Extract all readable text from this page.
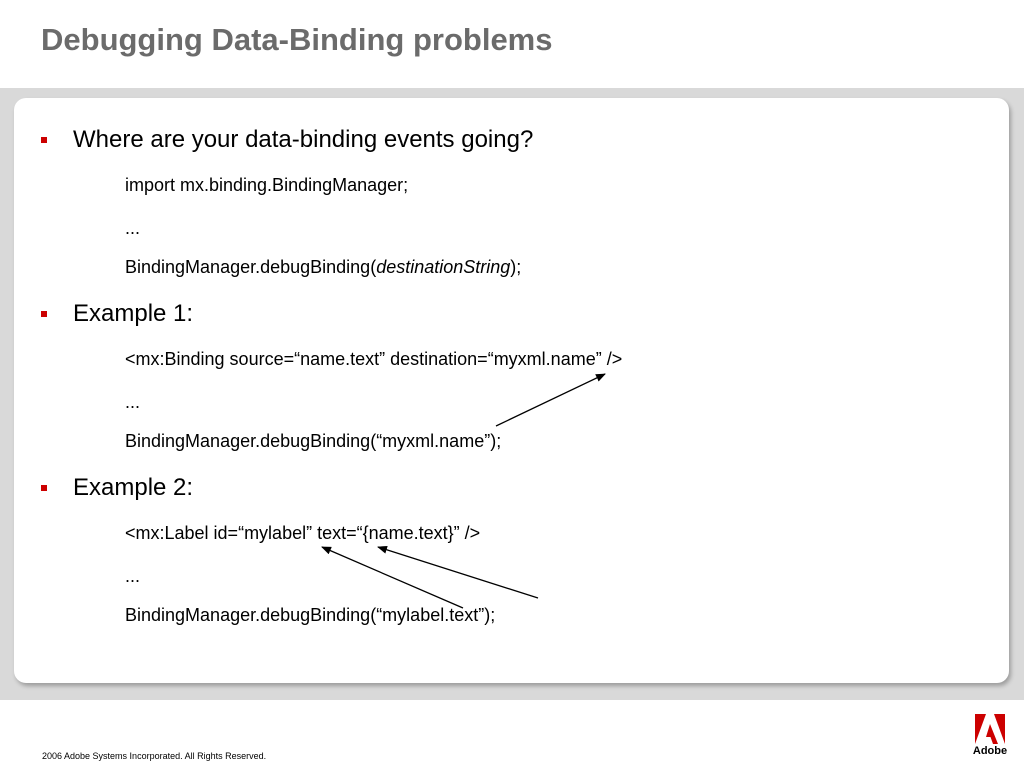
Debugging Data-Binding problems
Where are your data-binding events going?
import mx.binding.BindingManager;
...
BindingManager.debugBinding(destinationString);
Example 1:
<mx:Binding source=“name.text” destination=“myxml.name” />
...
BindingManager.debugBinding(“myxml.name”);
Example 2:
<mx:Label id=“mylabel” text=“{name.text}” />
...
BindingManager.debugBinding(“mylabel.text”);
2006 Adobe Systems Incorporated. All Rights Reserved.	Adobe
